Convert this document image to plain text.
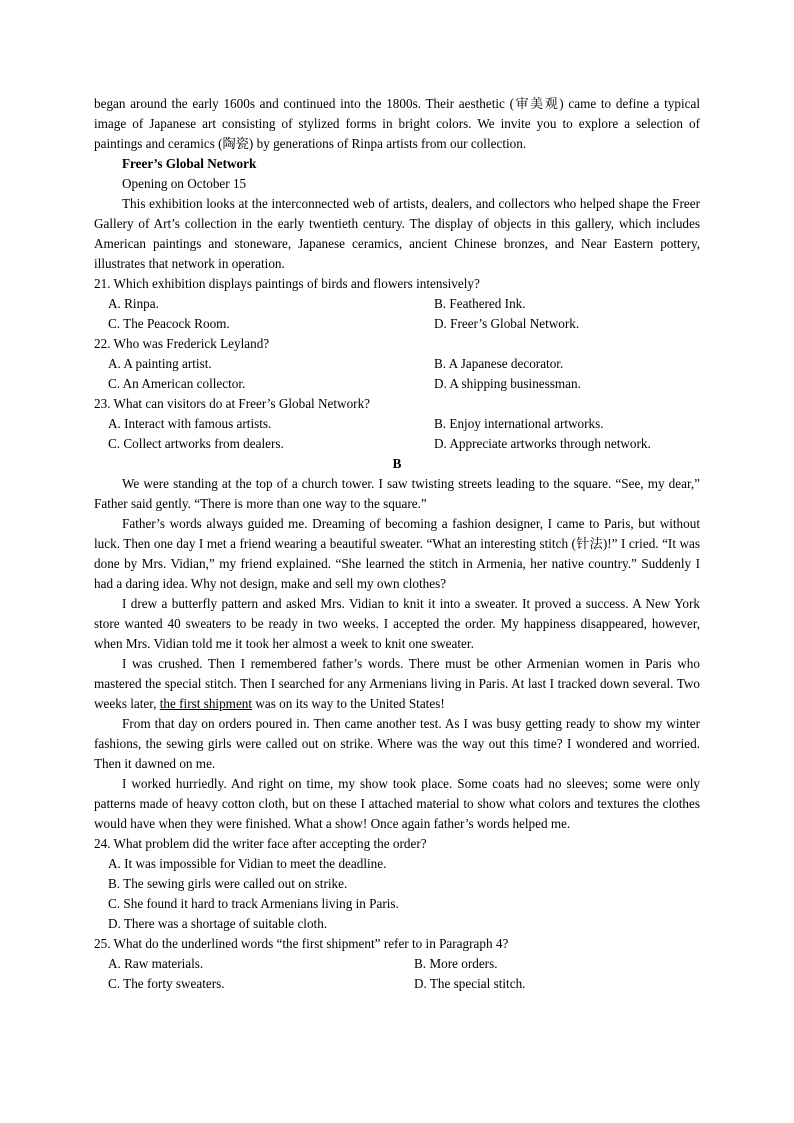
began around the early 1600s and continued into the 1800s. Their aesthetic (审美观) came to define a typical image of Japanese art consisting of stylized forms in bright colors. We invite you to explore a selection of paintings and ceramics (陶瓷) by generations of Rinpa artists from our collection.

Freer’s Global Network

Opening on October 15

This exhibition looks at the interconnected web of artists, dealers, and collectors who helped shape the Freer Gallery of Art’s collection in the early twentieth century. The display of objects in this gallery, which includes American paintings and stoneware, Japanese ceramics, ancient Chinese bronzes, and Near Eastern pottery, illustrates that network in operation.

21. Which exhibition displays paintings of birds and flowers intensively?

A. Rinpa.	B. Feathered Ink.
C. The Peacock Room.	D. Freer’s Global Network.

22. Who was Frederick Leyland?

A. A painting artist.	B. A Japanese decorator.
C. An American collector.	D. A shipping businessman.

23. What can visitors do at Freer’s Global Network?

A. Interact with famous artists.	B. Enjoy international artworks.
C. Collect artworks from dealers.	D. Appreciate artworks through network.

B

We were standing at the top of a church tower. I saw twisting streets leading to the square. “See, my dear,” Father said gently. “There is more than one way to the square.”

Father’s words always guided me. Dreaming of becoming a fashion designer, I came to Paris, but without luck. Then one day I met a friend wearing a beautiful sweater. “What an interesting stitch (针法)!” I cried. “It was done by Mrs. Vidian,” my friend explained. “She learned the stitch in Armenia, her native country.” Suddenly I had a daring idea. Why not design, make and sell my own clothes?

I drew a butterfly pattern and asked Mrs. Vidian to knit it into a sweater. It proved a success. A New York store wanted 40 sweaters to be ready in two weeks. I accepted the order. My happiness disappeared, however, when Mrs. Vidian told me it took her almost a week to knit one sweater.

I was crushed. Then I remembered father’s words. There must be other Armenian women in Paris who mastered the special stitch. Then I searched for any Armenians living in Paris. At last I tracked down several. Two weeks later, the first shipment was on its way to the United States!

From that day on orders poured in. Then came another test. As I was busy getting ready to show my winter fashions, the sewing girls were called out on strike. Where was the way out this time? I wondered and worried. Then it dawned on me.

I worked hurriedly. And right on time, my show took place. Some coats had no sleeves; some were only patterns made of heavy cotton cloth, but on these I attached material to show what colors and textures the clothes would have when they were finished. What a show! Once again father’s words helped me.

24. What problem did the writer face after accepting the order?

A. It was impossible for Vidian to meet the deadline.

B. The sewing girls were called out on strike.

C. She found it hard to track Armenians living in Paris.

D. There was a shortage of suitable cloth.

25. What do the underlined words “the first shipment” refer to in Paragraph 4?

A. Raw materials.	B. More orders.
C. The forty sweaters.	D. The special stitch.
